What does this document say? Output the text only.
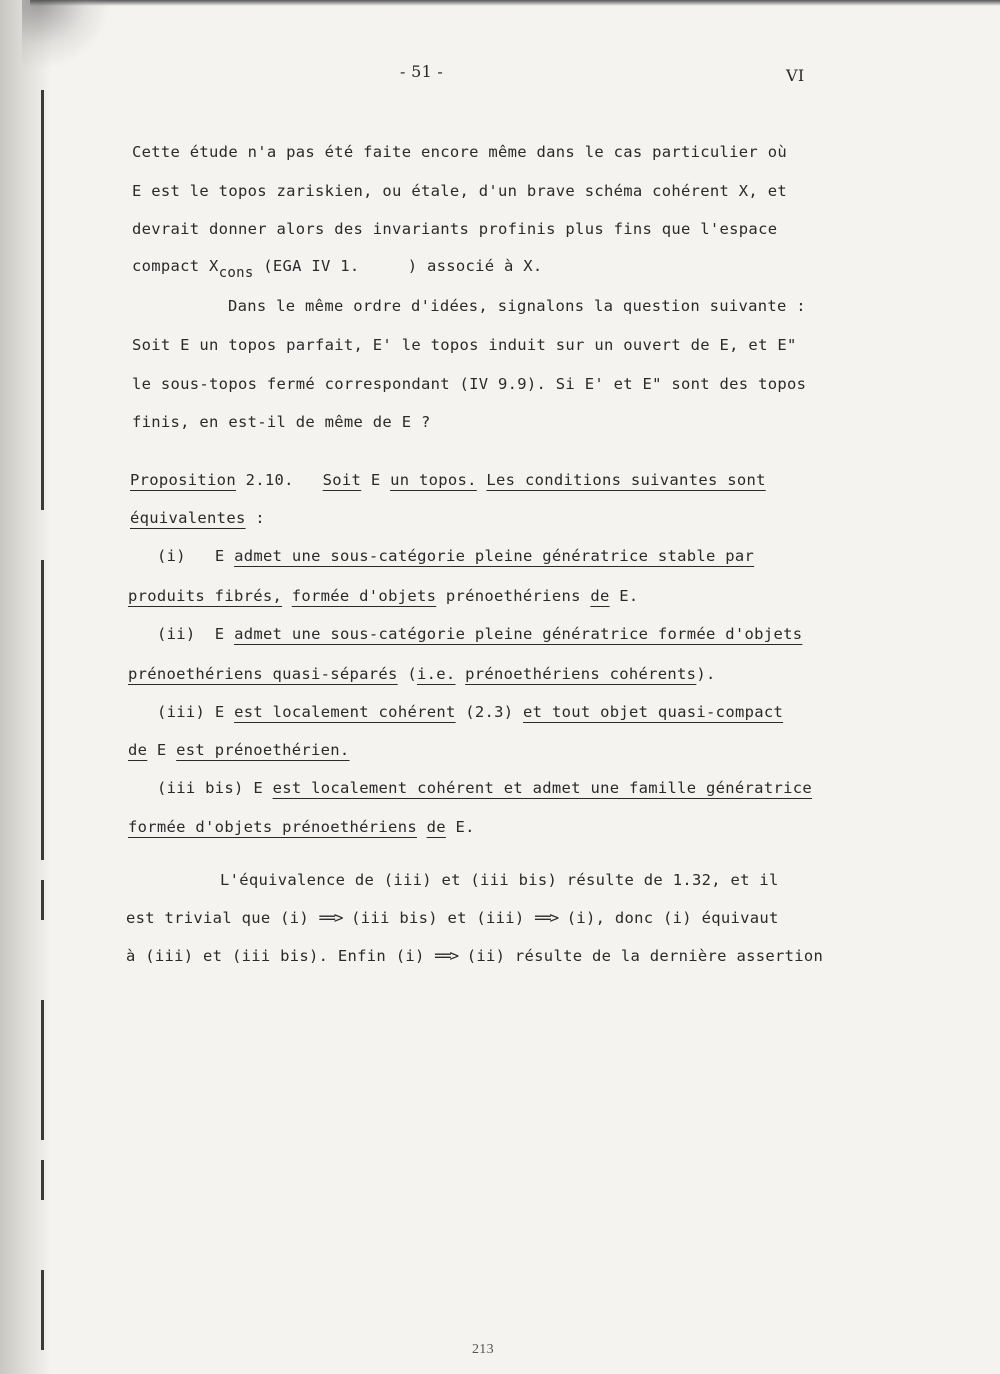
- 51 -	VI
Cette étude n'a pas été faite encore même dans le cas particulier où
E est le topos zariskien, ou étale, d'un brave schéma cohérent X, et
devrait donner alors des invariants profinis plus fins que l'espace
compact Xcons (EGA IV 1.     ) associé à X.
Dans le même ordre d'idées, signalons la question suivante :
Soit E un topos parfait, E' le topos induit sur un ouvert de E, et E"
le sous-topos fermé correspondant (IV 9.9). Si E' et E" sont des topos
finis, en est-il de même de E ?
Proposition 2.10. Soit E un topos. Les conditions suivantes sont
équivalentes :
(i) E admet une sous-catégorie pleine génératrice stable par
produits fibrés, formée d'objets prénoethériens de E.
(ii) E admet une sous-catégorie pleine génératrice formée d'objets
prénoethériens quasi-séparés (i.e. prénoethériens cohérents).
(iii) E est localement cohérent (2.3) et tout objet quasi-compact
de E est prénoethérien.
(iii bis) E est localement cohérent et admet une famille génératrice
formée d'objets prénoethériens de E.
L'équivalence de (iii) et (iii bis) résulte de 1.32, et il
est trivial que (i) ==> (iii bis) et (iii) ==> (i), donc (i) équivaut
à (iii) et (iii bis). Enfin (i) ==> (ii) résulte de la dernière assertion
213
